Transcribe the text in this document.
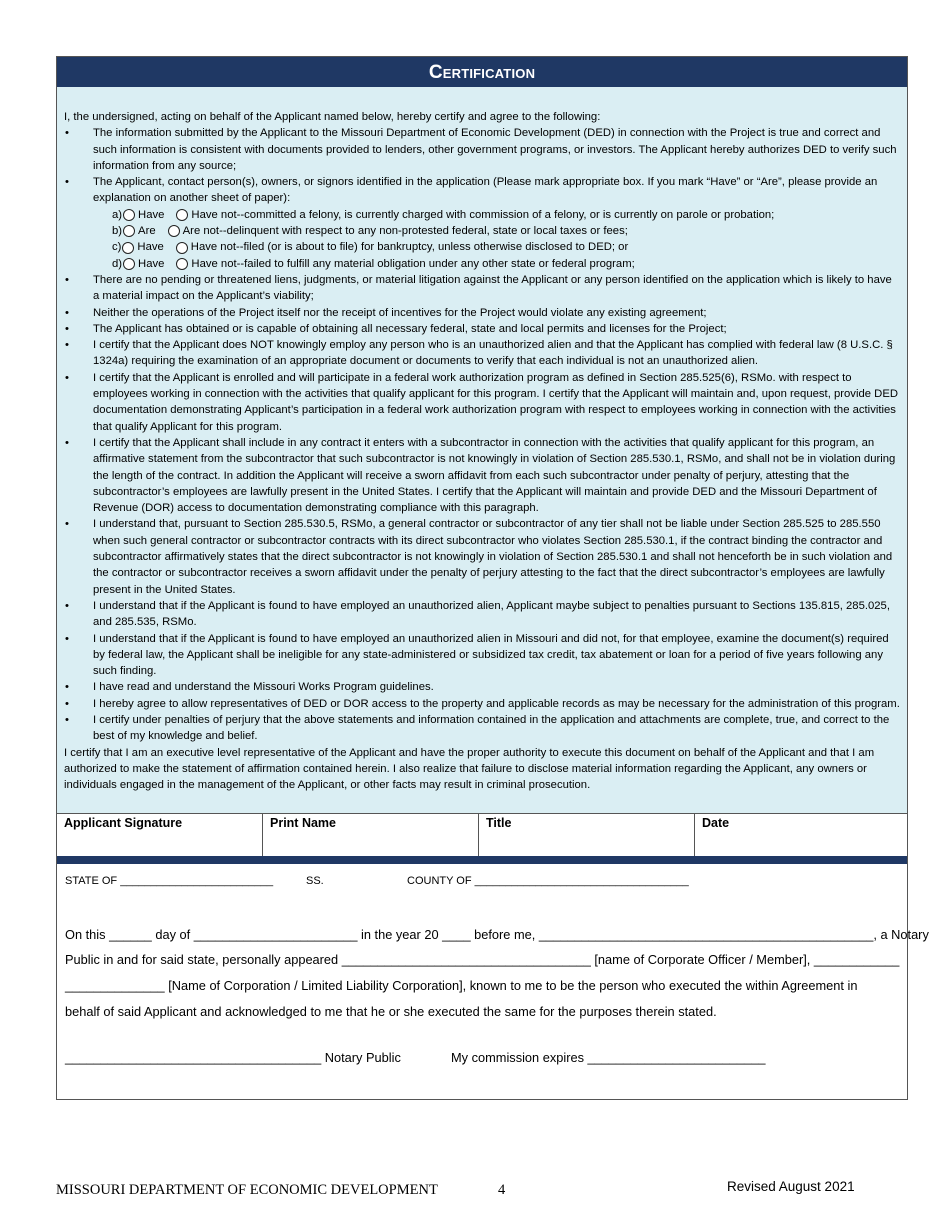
Certification

I, the undersigned, acting on behalf of the Applicant named below, hereby certify and agree to the following:

• The information submitted by the Applicant to the Missouri Department of Economic Development (DED) in connection with the Project is true and correct and such information is consistent with documents provided to lenders, other government programs, or investors. The Applicant hereby authorizes DED to verify such information from any source;
• The Applicant, contact person(s), owners, or signors identified in the application (Please mark appropriate box. If you mark “Have” or “Are”, please provide an explanation on another sheet of paper):
a) Have Have not--committed a felony, is currently charged with commission of a felony, or is currently on parole or probation;
b) Are Are not--delinquent with respect to any non-protested federal, state or local taxes or fees;
c) Have Have not--filed (or is about to file) for bankruptcy, unless otherwise disclosed to DED; or
d) Have Have not--failed to fulfill any material obligation under any other state or federal program;
• There are no pending or threatened liens, judgments, or material litigation against the Applicant or any person identified on the application which is likely to have a material impact on the Applicant’s viability;
• Neither the operations of the Project itself nor the receipt of incentives for the Project would violate any existing agreement;
• The Applicant has obtained or is capable of obtaining all necessary federal, state and local permits and licenses for the Project;
• I certify that the Applicant does NOT knowingly employ any person who is an unauthorized alien and that the Applicant has complied with federal law (8 U.S.C. § 1324a) requiring the examination of an appropriate document or documents to verify that each individual is not an unauthorized alien.
• I certify that the Applicant is enrolled and will participate in a federal work authorization program as defined in Section 285.525(6), RSMo. with respect to employees working in connection with the activities that qualify applicant for this program. I certify that the Applicant will maintain and, upon request, provide DED documentation demonstrating Applicant’s participation in a federal work authorization program with respect to employees working in connection with the activities that qualify Applicant for this program.
• I certify that the Applicant shall include in any contract it enters with a subcontractor in connection with the activities that qualify applicant for this program, an affirmative statement from the subcontractor that such subcontractor is not knowingly in violation of Section 285.530.1, RSMo, and shall not be in violation during the length of the contract. In addition the Applicant will receive a sworn affidavit from each such subcontractor under penalty of perjury, attesting that the subcontractor’s employees are lawfully present in the United States. I certify that the Applicant will maintain and provide DED and the Missouri Department of Revenue (DOR) access to documentation demonstrating compliance with this paragraph.
• I understand that, pursuant to Section 285.530.5, RSMo, a general contractor or subcontractor of any tier shall not be liable under Section 285.525 to 285.550 when such general contractor or subcontractor contracts with its direct subcontractor who violates Section 285.530.1, if the contract binding the contractor and subcontractor affirmatively states that the direct subcontractor is not knowingly in violation of Section 285.530.1 and shall not henceforth be in such violation and the contractor or subcontractor receives a sworn affidavit under the penalty of perjury attesting to the fact that the direct subcontractor’s employees are lawfully present in the United States.
• I understand that if the Applicant is found to have employed an unauthorized alien, Applicant maybe subject to penalties pursuant to Sections 135.815, 285.025, and 285.535, RSMo.
• I understand that if the Applicant is found to have employed an unauthorized alien in Missouri and did not, for that employee, examine the document(s) required by federal law, the Applicant shall be ineligible for any state-administered or subsidized tax credit, tax abatement or loan for a period of five years following any such finding.
• I have read and understand the Missouri Works Program guidelines.
• I hereby agree to allow representatives of DED or DOR access to the property and applicable records as may be necessary for the administration of this program.
• I certify under penalties of perjury that the above statements and information contained in the application and attachments are complete, true, and correct to the best of my knowledge and belief.

I certify that I am an executive level representative of the Applicant and have the proper authority to execute this document on behalf of the Applicant and that I am authorized to make the statement of affirmation contained herein. I also realize that failure to disclose material information regarding the Applicant, any owners or individuals engaged in the management of the Applicant, or other facts may result in criminal prosecution.

Applicant Signature	Print Name	Title	Date
STATE OF _________________________	SS.	COUNTY OF ___________________________________
On this ______ day of _______________________ in the year 20 ____ before me, _______________________________________________, a Notary
Public in and for said state, personally appeared ___________________________________ [name of Corporate Officer / Member], ____________
______________ [Name of Corporation / Limited Liability Corporation], known to me to be the person who executed the within Agreement in
behalf of said Applicant and acknowledged to me that he or she executed the same for the purposes therein stated.
____________________________________ Notary Public	My commission expires _________________________
MISSOURI DEPARTMENT OF ECONOMIC DEVELOPMENT	4	Revised August 2021
